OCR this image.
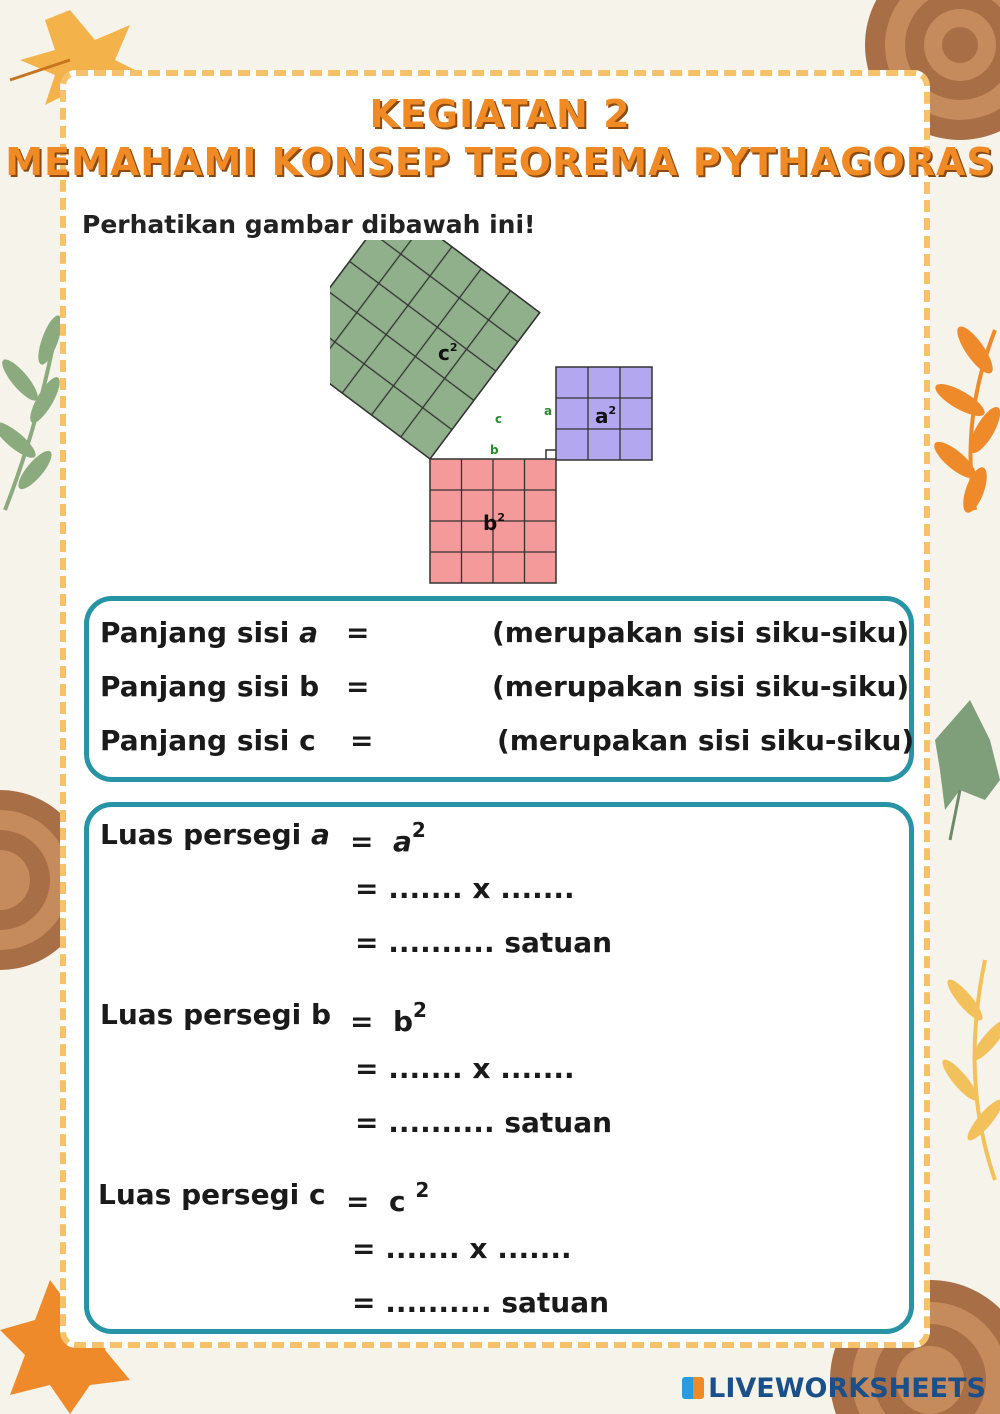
KEGIATAN 2
MEMAHAMI KONSEP TEOREMA PYTHAGORAS
Perhatikan gambar dibawah ini!
$c^2$
$a^2$
$b^2$
c
a
b
Panjang sisi a =	(merupakan sisi siku-siku)
Panjang sisi b =	(merupakan sisi siku-siku)
Panjang sisi c =	(merupakan sisi siku-siku)
Luas persegi $a = a^2$
= ....... x .......
= .......... satuan
Luas persegi $b = b^2$
= ....... x .......
= .......... satuan
Luas persegi c = c $^2$
= ....... x .......
= .......... satuan
LIVEWORKSHEETS
